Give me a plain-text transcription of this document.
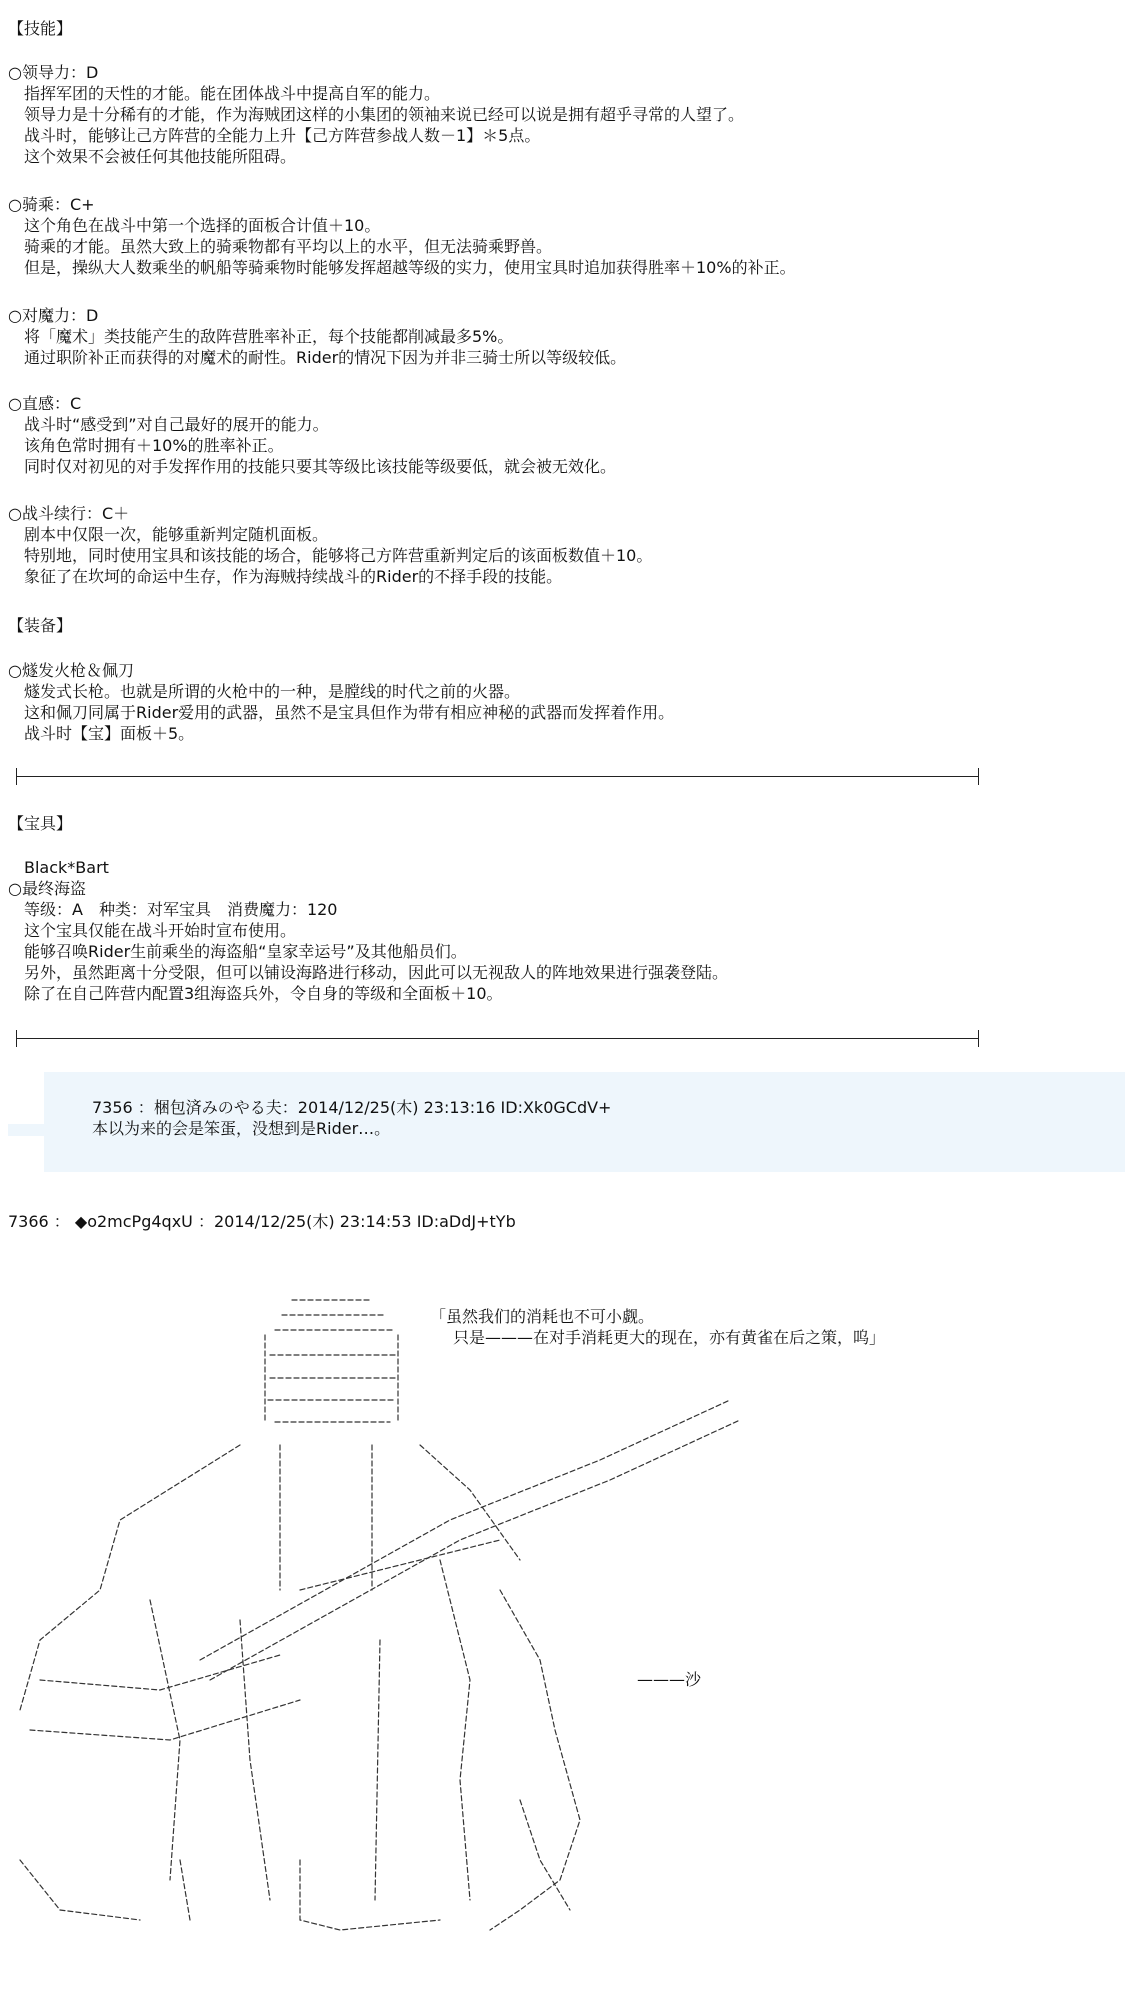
【技能】
○领导力：D
指挥军团的天性的才能。能在团体战斗中提高自军的能力。
领导力是十分稀有的才能，作为海贼团这样的小集团的领袖来说已经可以说是拥有超乎寻常的人望了。
战斗时，能够让己方阵营的全能力上升【己方阵营参战人数－1】＊5点。
这个效果不会被任何其他技能所阻碍。
○骑乘：C+
这个角色在战斗中第一个选择的面板合计值＋10。
骑乘的才能。虽然大致上的骑乘物都有平均以上的水平，但无法骑乘野兽。
但是，操纵大人数乘坐的帆船等骑乘物时能够发挥超越等级的实力，使用宝具时追加获得胜率＋10%的补正。
○对魔力：D
将「魔术」类技能产生的敌阵营胜率补正，每个技能都削减最多5%。
通过职阶补正而获得的对魔术的耐性。Rider的情况下因为并非三骑士所以等级较低。
○直感：C
战斗时“感受到”对自己最好的展开的能力。
该角色常时拥有＋10%的胜率补正。
同时仅对初见的对手发挥作用的技能只要其等级比该技能等级要低，就会被无效化。
○战斗续行：C＋
剧本中仅限一次，能够重新判定随机面板。
特别地，同时使用宝具和该技能的场合，能够将己方阵营重新判定后的该面板数值＋10。
象征了在坎坷的命运中生存，作为海贼持续战斗的Rider的不择手段的技能。
【装备】
○燧发火枪＆佩刀
燧发式长枪。也就是所谓的火枪中的一种，是膛线的时代之前的火器。
这和佩刀同属于Rider爱用的武器，虽然不是宝具但作为带有相应神秘的武器而发挥着作用。
战斗时【宝】面板＋5。
【宝具】
Black*Bart
○最终海盗
等级：A　种类：对军宝具　消费魔力：120
这个宝具仅能在战斗开始时宣布使用。
能够召唤Rider生前乘坐的海盗船“皇家幸运号”及其他船员们。
另外，虽然距离十分受限，但可以铺设海路进行移动，因此可以无视敌人的阵地效果进行强袭登陆。
除了在自己阵营内配置3组海盗兵外，令自身的等级和全面板＋10。
7356 ：梱包済みのやる夫：2014/12/25(木) 23:13:16 ID:Xk0GCdV+
本以为来的会是笨蛋，没想到是Rider…。
7366 ： ◆o2mcPg4qxU ：2014/12/25(木) 23:14:53 ID:aDdJ+tYb
「虽然我们的消耗也不可小觑。
只是———在对手消耗更大的现在，亦有黄雀在后之策，呜」
———沙
